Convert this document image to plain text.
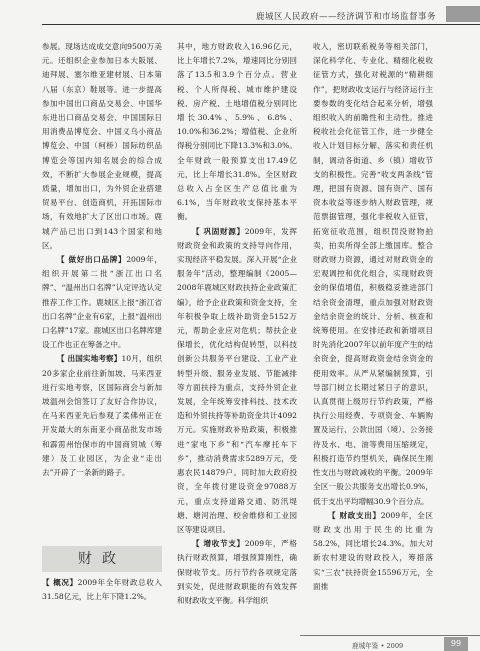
鹿城区人民政府——经济调节和市场监督事务

参展。现场达成成交意向9500万美元。还组织企业参加日本大阪展、迪拜展、塞尔维亚建材展、日本第八届（东京）鞋展等。进一步提高参加中国出口商品交易会、中国华东进出口商品交易会、中国国际日用消费品博览会、中国义乌小商品博览会、中国（柯桥）国际纺织品博览会等国内知名展会的综合成效，不断扩大参展企业规模，提高质量，增加出口，为外贸企业搭建贸易平台、创造商机，开拓国际市场，有效地扩大了区出口市场。鹿城产品已出口到143个国家和地区。

【 做好出口品牌】2009年，组织开展第二批“浙江出口名牌”、“温州出口名牌”认定评选认定推荐工作工作。鹿城区上报“浙江省出口名牌”企业有6家，上报“温州出口名牌”17家。鹿城区出口名牌库建设工作也正在筹备之中。

【 出国实地考察】10月，组织20多家企业前往新加坡、马来西亚进行实地考察，区国际商会与新加坡温州会馆签订了友好合作协议，在马来西亚先后参观了柔佛州正在开发最大的东南亚小商品批发市场和霹雳州怡保市的中国商贸城（筹建）及工业园区，为企业“走出去”开辟了一条新的路子。

财政
【 概况】2009年全年财政总收入31.58亿元，比上年下降1.2%。

其中，地方财政收入16.96亿元，比上年增长7.2%，增速同比分别回落了13.5和3.9个百分点。营业税、个人所得税、城市维护建设税、房产税、土地增值税分别同比增长30.4%、5.9%、6.8%、10.0%和36.2%；增值税、企业所得税分别同比下降13.3%和3.0%。全年财政一般预算支出17.49亿元，比上年增长31.8%。全区财政总收入占全区生产总值比重为6.1%，当年财政收支保持基本平衡。

【 巩固财源】2009年，发挥财政资金和政策的支持导向作用，实现经济平稳发展。深入开展“企业服务年”活动，整理编制《2005—2008年鹿城区财政扶持企业政策汇编》，给予企业政策和资金支持，全年积极争取上级补助资金5152万元，帮助企业应对危机；帮扶企业保增长，优化结构促转型，以科技创新公共服务平台建设、工业产业转型升级、服务业发展、节能减排等方面扶持为重点，支持外贸企业发展，全年统筹安排科技、技术改造和外贸扶持等补助资金共计4092万元。实施财政补贴政策，积极推进“家电下乡”和“汽车摩托车下乡”，推动消费需求5289万元，受惠农民14879户。同时加大政府投资，全年拨付建设资金97088万元，重点支持道路交通、防汛堤塘、塘河治理、校舍维修和工业园区等建设项目。

【 增收节支】2009年，严格执行财政预算，增强预算刚性，确保财收节支。历行节约各项规定落到实处，促进财政职能的有效发挥和财政收支平衡。科学组织

收入，密切联系税务等相关部门，深化科学化、专业化、精细化税收征管方式，强化对税源的“精耕细作”，把财政收支运行与经济运行主要参数的变化结合起来分析，增强组织收入的前瞻性和主动性。推进税收社会化征管工作，进一步健全收入计划目标分解、落实和责任机制，调动各街道、乡（镇）增收节支的积极性。完善“收支两条线”管理，把国有资源、国有资产、国有资本收益等逐步纳入财政管理，规范票据管理，强化非税收入征管，拓宽征收范围，组织罚没财物拍卖，拍卖所得全部上缴国库。整合财政财力资源，通过对财政资金的宏观调控和优化组合，实现财政资金的保值增值，积极稳妥推进部门结余资金清理，重点加强对财政资金结余资金的统计、分析、核查和统筹使用。在安排还政和新增项目时先消化2007年以前年度产生的结余资金，提高财政资金结余资金的使用效率。从严从紧编制预算，引导部门树立长期过紧日子的意识，认真贯彻上级厉行节约政策，严格执行公用经费、专项资金、车辆购置及运行、公款出国（境）、公务接待及水、电、油等费用压缩规定，积极打造节约型机关，确保民生刚性支出与财政减收的平衡。2009年全区一般公共服务支出增长0.9%，低于支出平均增幅30.9个百分点。

【 财政支出】2009年，全区财政支出用于民生的比重为58.2%，同比增长24.3%。加大对新农村建设的财政投入，筹措落实“三农”扶持资金15596万元，全面推

鹿城年鉴 • 2009	99
